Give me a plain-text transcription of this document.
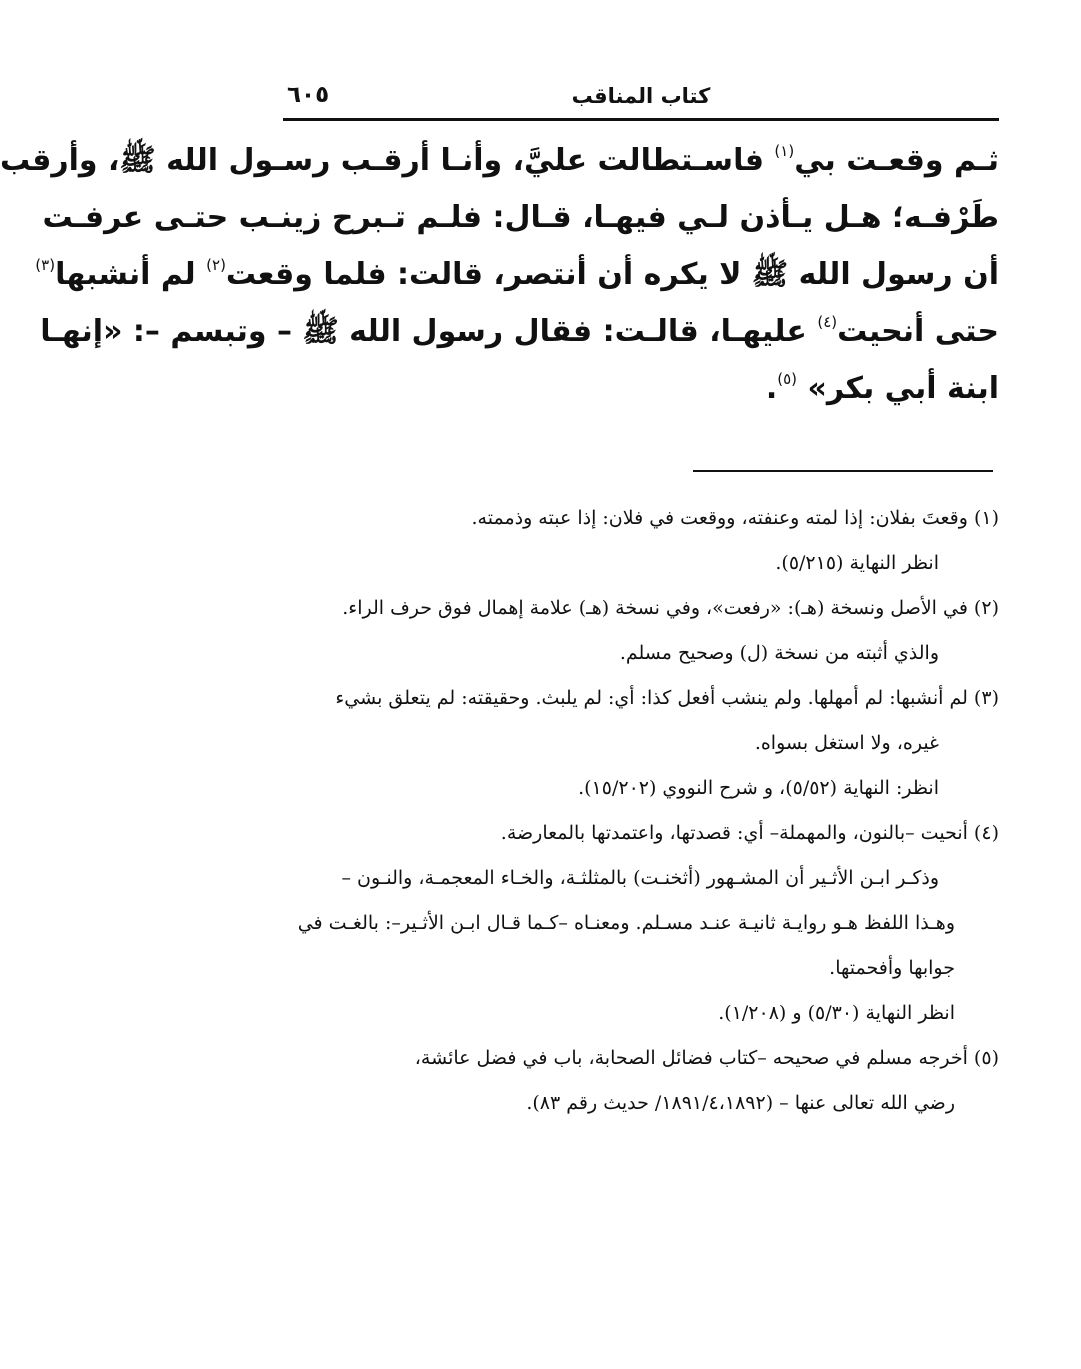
كتاب المناقب
٦٠٥
ثـم وقعـت بي$^{(١)}$ فاسـتطالت عليَّ، وأنـا أرقـب رسـول الله ﷺ، وأرقب
طَرْفـه؛ هـل يـأذن لـي فيهـا، قـال: فلـم تـبرح زينـب حتـى عرفـت
أن رسول الله ﷺ لا يكره أن أنتصر، قالت: فلما وقعت$^{(٢)}$ لم أنشبها$^{(٣)}$
حتى أنحيت$^{(٤)}$ عليهـا، قالـت: فقال رسول الله ﷺ – وتبسم –: «إنهـا
ابنة أبي بكر» $^{(٥)}$.
(١) وقعتَ بفلان: إذا لمته وعنفته، ووقعت في فلان: إذا عبته وذممته.
انظر النهاية (٥/٢١٥).
(٢) في الأصل ونسخة (هـ): «رفعت»، وفي نسخة (هـ) علامة إهمال فوق حرف الراء.
والذي أثبته من نسخة (ل) وصحيح مسلم.
(٣) لم أنشبها: لم أمهلها. ولم ينشب أفعل كذا: أي: لم يلبث. وحقيقته: لم يتعلق بشيء
غيره، ولا استغل بسواه.
انظر: النهاية (٥/٥٢)، و شرح النووي (١٥/٢٠٢).
(٤) أنحيت –بالنون، والمهملة– أي: قصدتها، واعتمدتها بالمعارضة.
وذكـر ابـن الأثـير أن المشـهور (أثخنـت) بالمثلثـة، والخـاء المعجمـة، والنـون –
وهـذا اللفظ هـو روايـة ثانيـة عنـد مسـلم. ومعنـاه –كـما قـال ابـن الأثـير–: بالغـت في
جوابها وأفحمتها.
انظر النهاية (٥/٣٠) و (١/٢٠٨).
(٥) أخرجه مسلم في صحيحه –كتاب فضائل الصحابة، باب في فضل عائشة،
رضي الله تعالى عنها – (١٨٩١/٤،١٨٩٢/ حديث رقم ٨٣).
